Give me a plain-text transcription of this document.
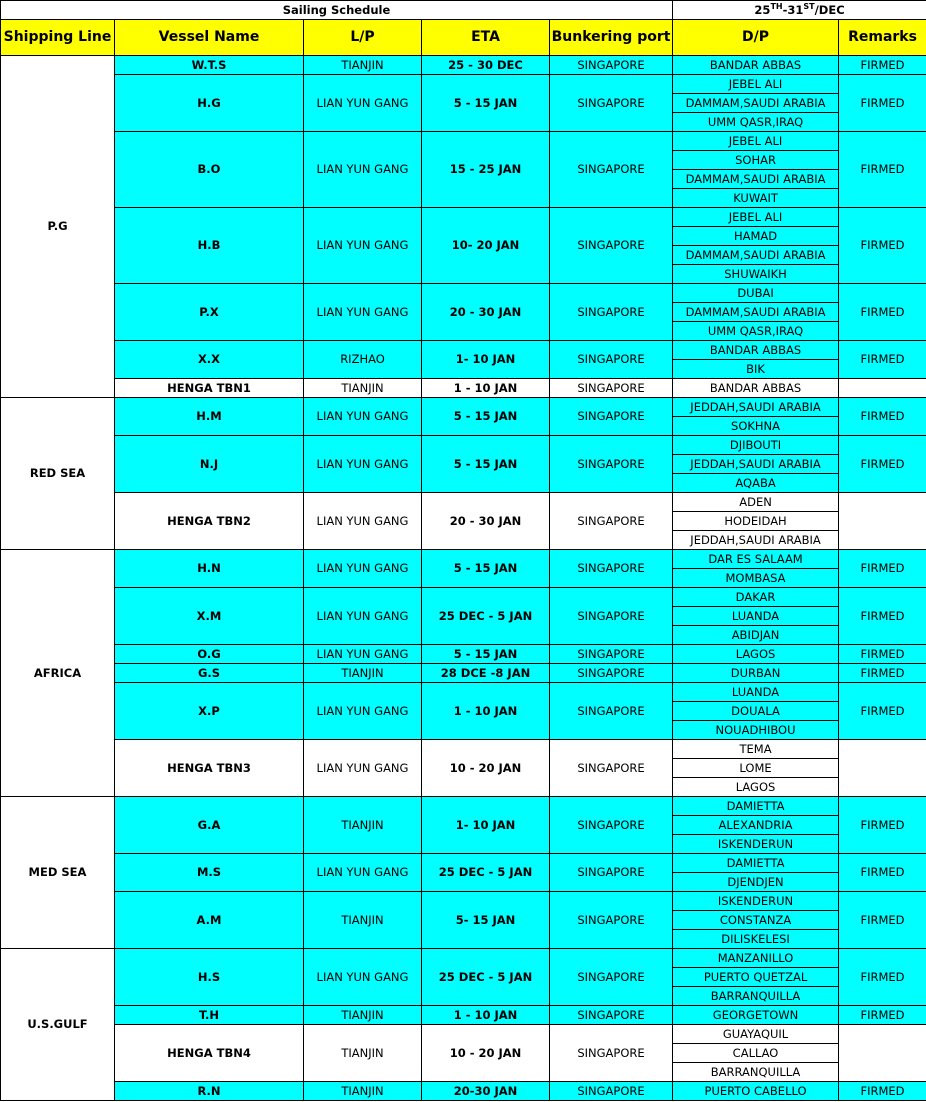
Sailing Schedule					25TH-31ST/DEC	
Shipping Line	Vessel Name	L/P	ETA	Bunkering port	D/P	Remarks
P.G	W.T.S	TIANJIN	25 - 30 DEC	SINGAPORE	BANDAR ABBAS	FIRMED
	H.G	LIAN YUN GANG	5 - 15 JAN	SINGAPORE	JEBEL ALI	FIRMED
					DAMMAM,SAUDI ARABIA	
					UMM QASR,IRAQ	
	B.O	LIAN YUN GANG	15 - 25 JAN	SINGAPORE	JEBEL ALI	FIRMED
					SOHAR	
					DAMMAM,SAUDI ARABIA	
					KUWAIT	
	H.B	LIAN YUN GANG	10- 20 JAN	SINGAPORE	JEBEL ALI	FIRMED
					HAMAD	
					DAMMAM,SAUDI ARABIA	
					SHUWAIKH	
	P.X	LIAN YUN GANG	20 - 30 JAN	SINGAPORE	DUBAI	FIRMED
					DAMMAM,SAUDI ARABIA	
					UMM QASR,IRAQ	
	X.X	RIZHAO	1- 10 JAN	SINGAPORE	BANDAR ABBAS	FIRMED
					BIK	
	HENGA TBN1	TIANJIN	1 - 10 JAN	SINGAPORE	BANDAR ABBAS	
RED SEA	H.M	LIAN YUN GANG	5 - 15 JAN	SINGAPORE	JEDDAH,SAUDI ARABIA	FIRMED
					SOKHNA	
	N.J	LIAN YUN GANG	5 - 15 JAN	SINGAPORE	DJIBOUTI	FIRMED
					JEDDAH,SAUDI ARABIA	
					AQABA	
	HENGA TBN2	LIAN YUN GANG	20 - 30 JAN	SINGAPORE	ADEN	
					HODEIDAH	
					JEDDAH,SAUDI ARABIA	
AFRICA	H.N	LIAN YUN GANG	5 - 15 JAN	SINGAPORE	DAR ES SALAAM	FIRMED
					MOMBASA	
	X.M	LIAN YUN GANG	25 DEC - 5 JAN	SINGAPORE	DAKAR	FIRMED
					LUANDA	
					ABIDJAN	
	O.G	LIAN YUN GANG	5 - 15 JAN	SINGAPORE	LAGOS	FIRMED
	G.S	TIANJIN	28 DCE -8 JAN	SINGAPORE	DURBAN	FIRMED
	X.P	LIAN YUN GANG	1 - 10 JAN	SINGAPORE	LUANDA	FIRMED
					DOUALA	
					NOUADHIBOU	
	HENGA TBN3	LIAN YUN GANG	10 - 20 JAN	SINGAPORE	TEMA	
					LOME	
					LAGOS	
MED SEA	G.A	TIANJIN	1- 10 JAN	SINGAPORE	DAMIETTA	FIRMED
					ALEXANDRIA	
					ISKENDERUN	
	M.S	LIAN YUN GANG	25 DEC - 5 JAN	SINGAPORE	DAMIETTA	FIRMED
					DJENDJEN	
	A.M	TIANJIN	5- 15 JAN	SINGAPORE	ISKENDERUN	FIRMED
					CONSTANZA	
					DILISKELESI	
U.S.GULF	H.S	LIAN YUN GANG	25 DEC - 5 JAN	SINGAPORE	MANZANILLO	FIRMED
					PUERTO QUETZAL	
					BARRANQUILLA	
	T.H	TIANJIN	1 - 10 JAN	SINGAPORE	GEORGETOWN	FIRMED
	HENGA TBN4	TIANJIN	10 - 20 JAN	SINGAPORE	GUAYAQUIL	
					CALLAO	
					BARRANQUILLA	
	R.N	TIANJIN	20-30 JAN	SINGAPORE	PUERTO CABELLO	FIRMED
